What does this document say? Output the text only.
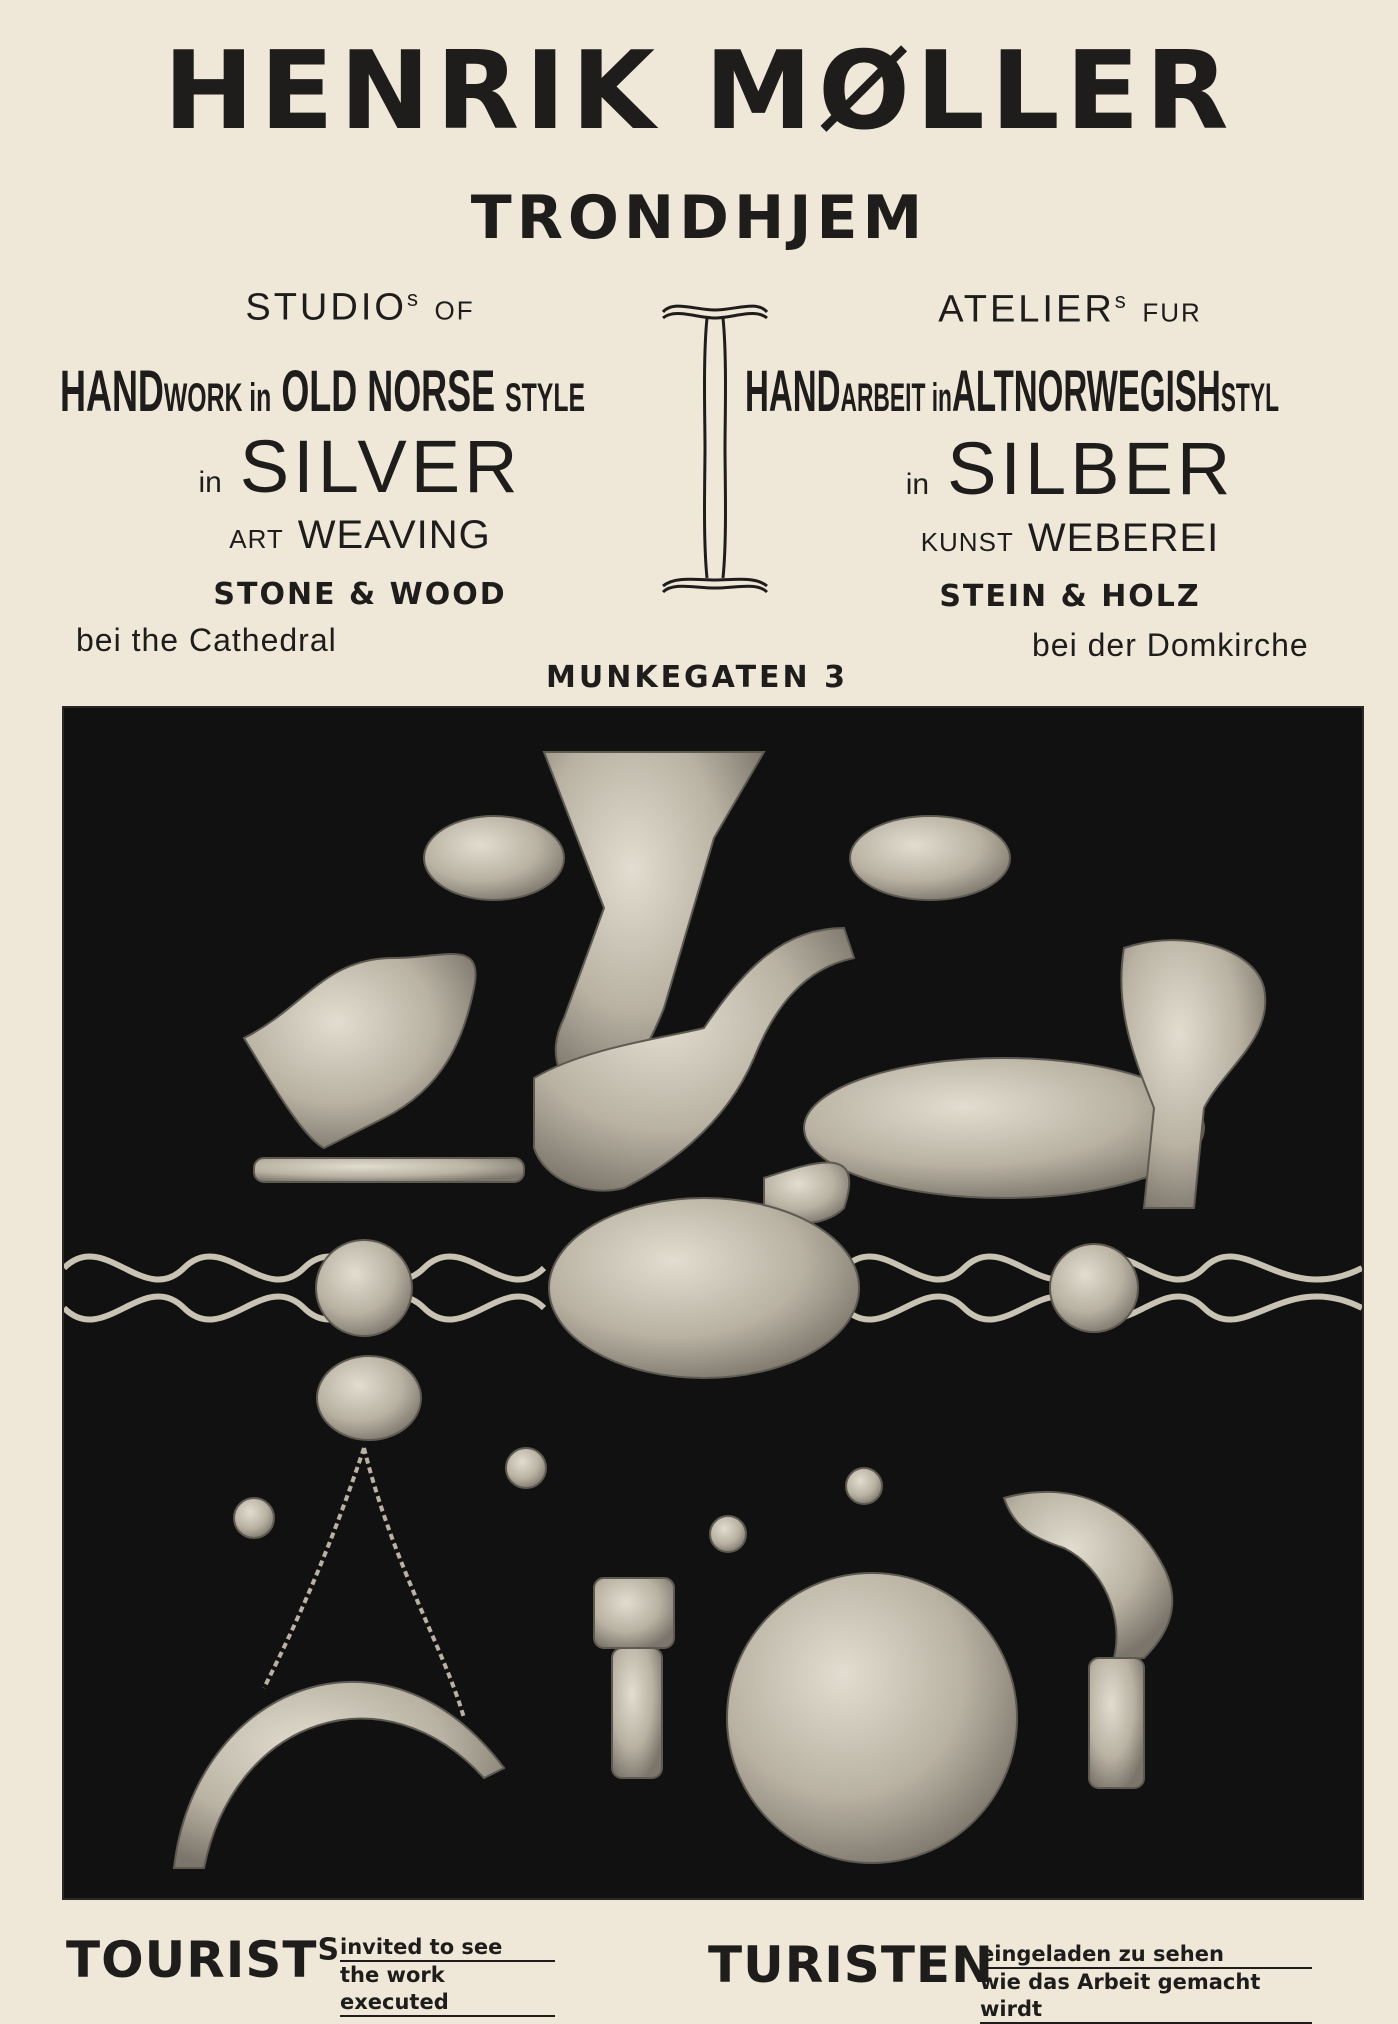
HENRIK MØLLER
TRONDHJEM
STUDIO$^s$ OF
HANDWORK in OLD NORSE STYLE
in SILVER
ART WEAVING
STONE & WOOD
bei the Cathedral
ATELIER$^s$ FUR
HANDARBEIT inALTNORWEGISHSTYL
in SILBER
KUNST WEBEREI
STEIN & HOLZ
bei der Domkirche
MUNKEGATEN 3
$TOURIST^S$ invited to see
the work executed
TURISTEN
eingeladen zu sehen
wie das Arbeit gemacht wirdt
